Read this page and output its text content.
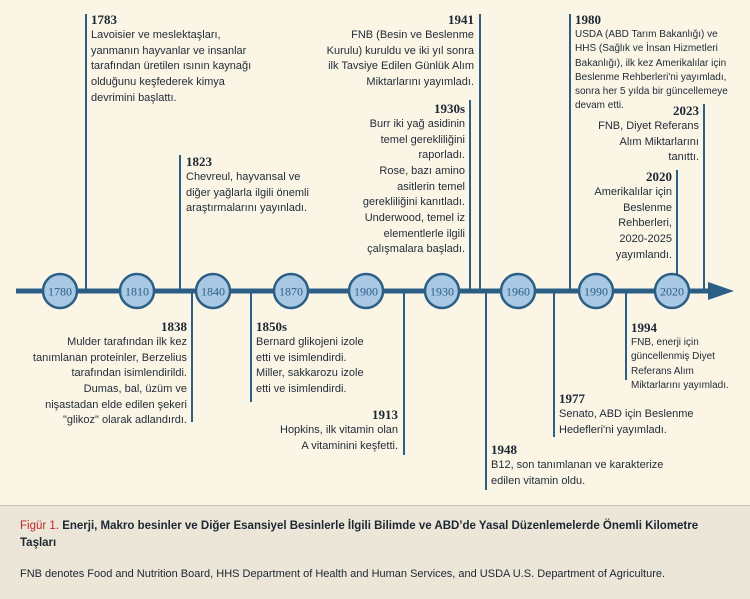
1780	1810	1840	1870	1900	1930	1960	1990	2020
1783
Lavoisier ve meslektaşları,
yanmanın hayvanlar ve insanlar
tarafından üretilen ısının kaynağı
olduğunu keşfederek kimya
devrimini başlattı.
1823
Chevreul, hayvansal ve
diğer yağlarla ilgili önemli
araştırmalarını yayınladı.
1941
FNB (Besin ve Beslenme
Kurulu) kuruldu ve iki yıl sonra
ilk Tavsiye Edilen Günlük Alım
Miktarlarını yayımladı.
1930s
Burr iki yağ asidinin
temel gerekliliğini
raporladı.
Rose, bazı amino
asitlerin temel
gerekliliğini kanıtladı.
Underwood, temel iz
elementlerle ilgili
çalışmalara başladı.
1980
USDA (ABD Tarım Bakanlığı) ve
HHS (Sağlık ve İnsan Hizmetleri
Bakanlığı), ilk kez Amerikalılar için
Beslenme Rehberleri'ni yayımladı,
sonra her 5 yılda bir güncellemeye
devam etti.	2023
FNB, Diyet Referans
Alım Miktarlarını
tanıttı.
2020
Amerikalılar için
Beslenme
Rehberleri,
2020-2025
yayımlandı.
1838
Mulder tarafından ilk kez
tanımlanan proteinler, Berzelius
tarafından isimlendirildi.
Dumas, bal, üzüm ve
nişastadan elde edilen şekeri
"glikoz" olarak adlandırdı.
1850s
Bernard glikojeni izole
etti ve isimlendirdi.
Miller, sakkarozu izole
etti ve isimlendirdi.
1913
Hopkins, ilk vitamin olan
A vitaminini keşfetti.	1948
B12, son tanımlanan ve karakterize
edilen vitamin oldu.
1977
Senato, ABD için Beslenme
Hedefleri'ni yayımladı.
1994
FNB, enerji için
güncellenmiş Diyet
Referans Alım
Miktarlarını yayımladı.
Figür 1. Enerji, Makro besinler ve Diğer Esansiyel Besinlerle İlgili Bilimde ve ABD’de Yasal Düzenlemelerde Önemli Kilometre Taşları
FNB denotes Food and Nutrition Board, HHS Department of Health and Human Services, and USDA U.S. Department of Agriculture.
